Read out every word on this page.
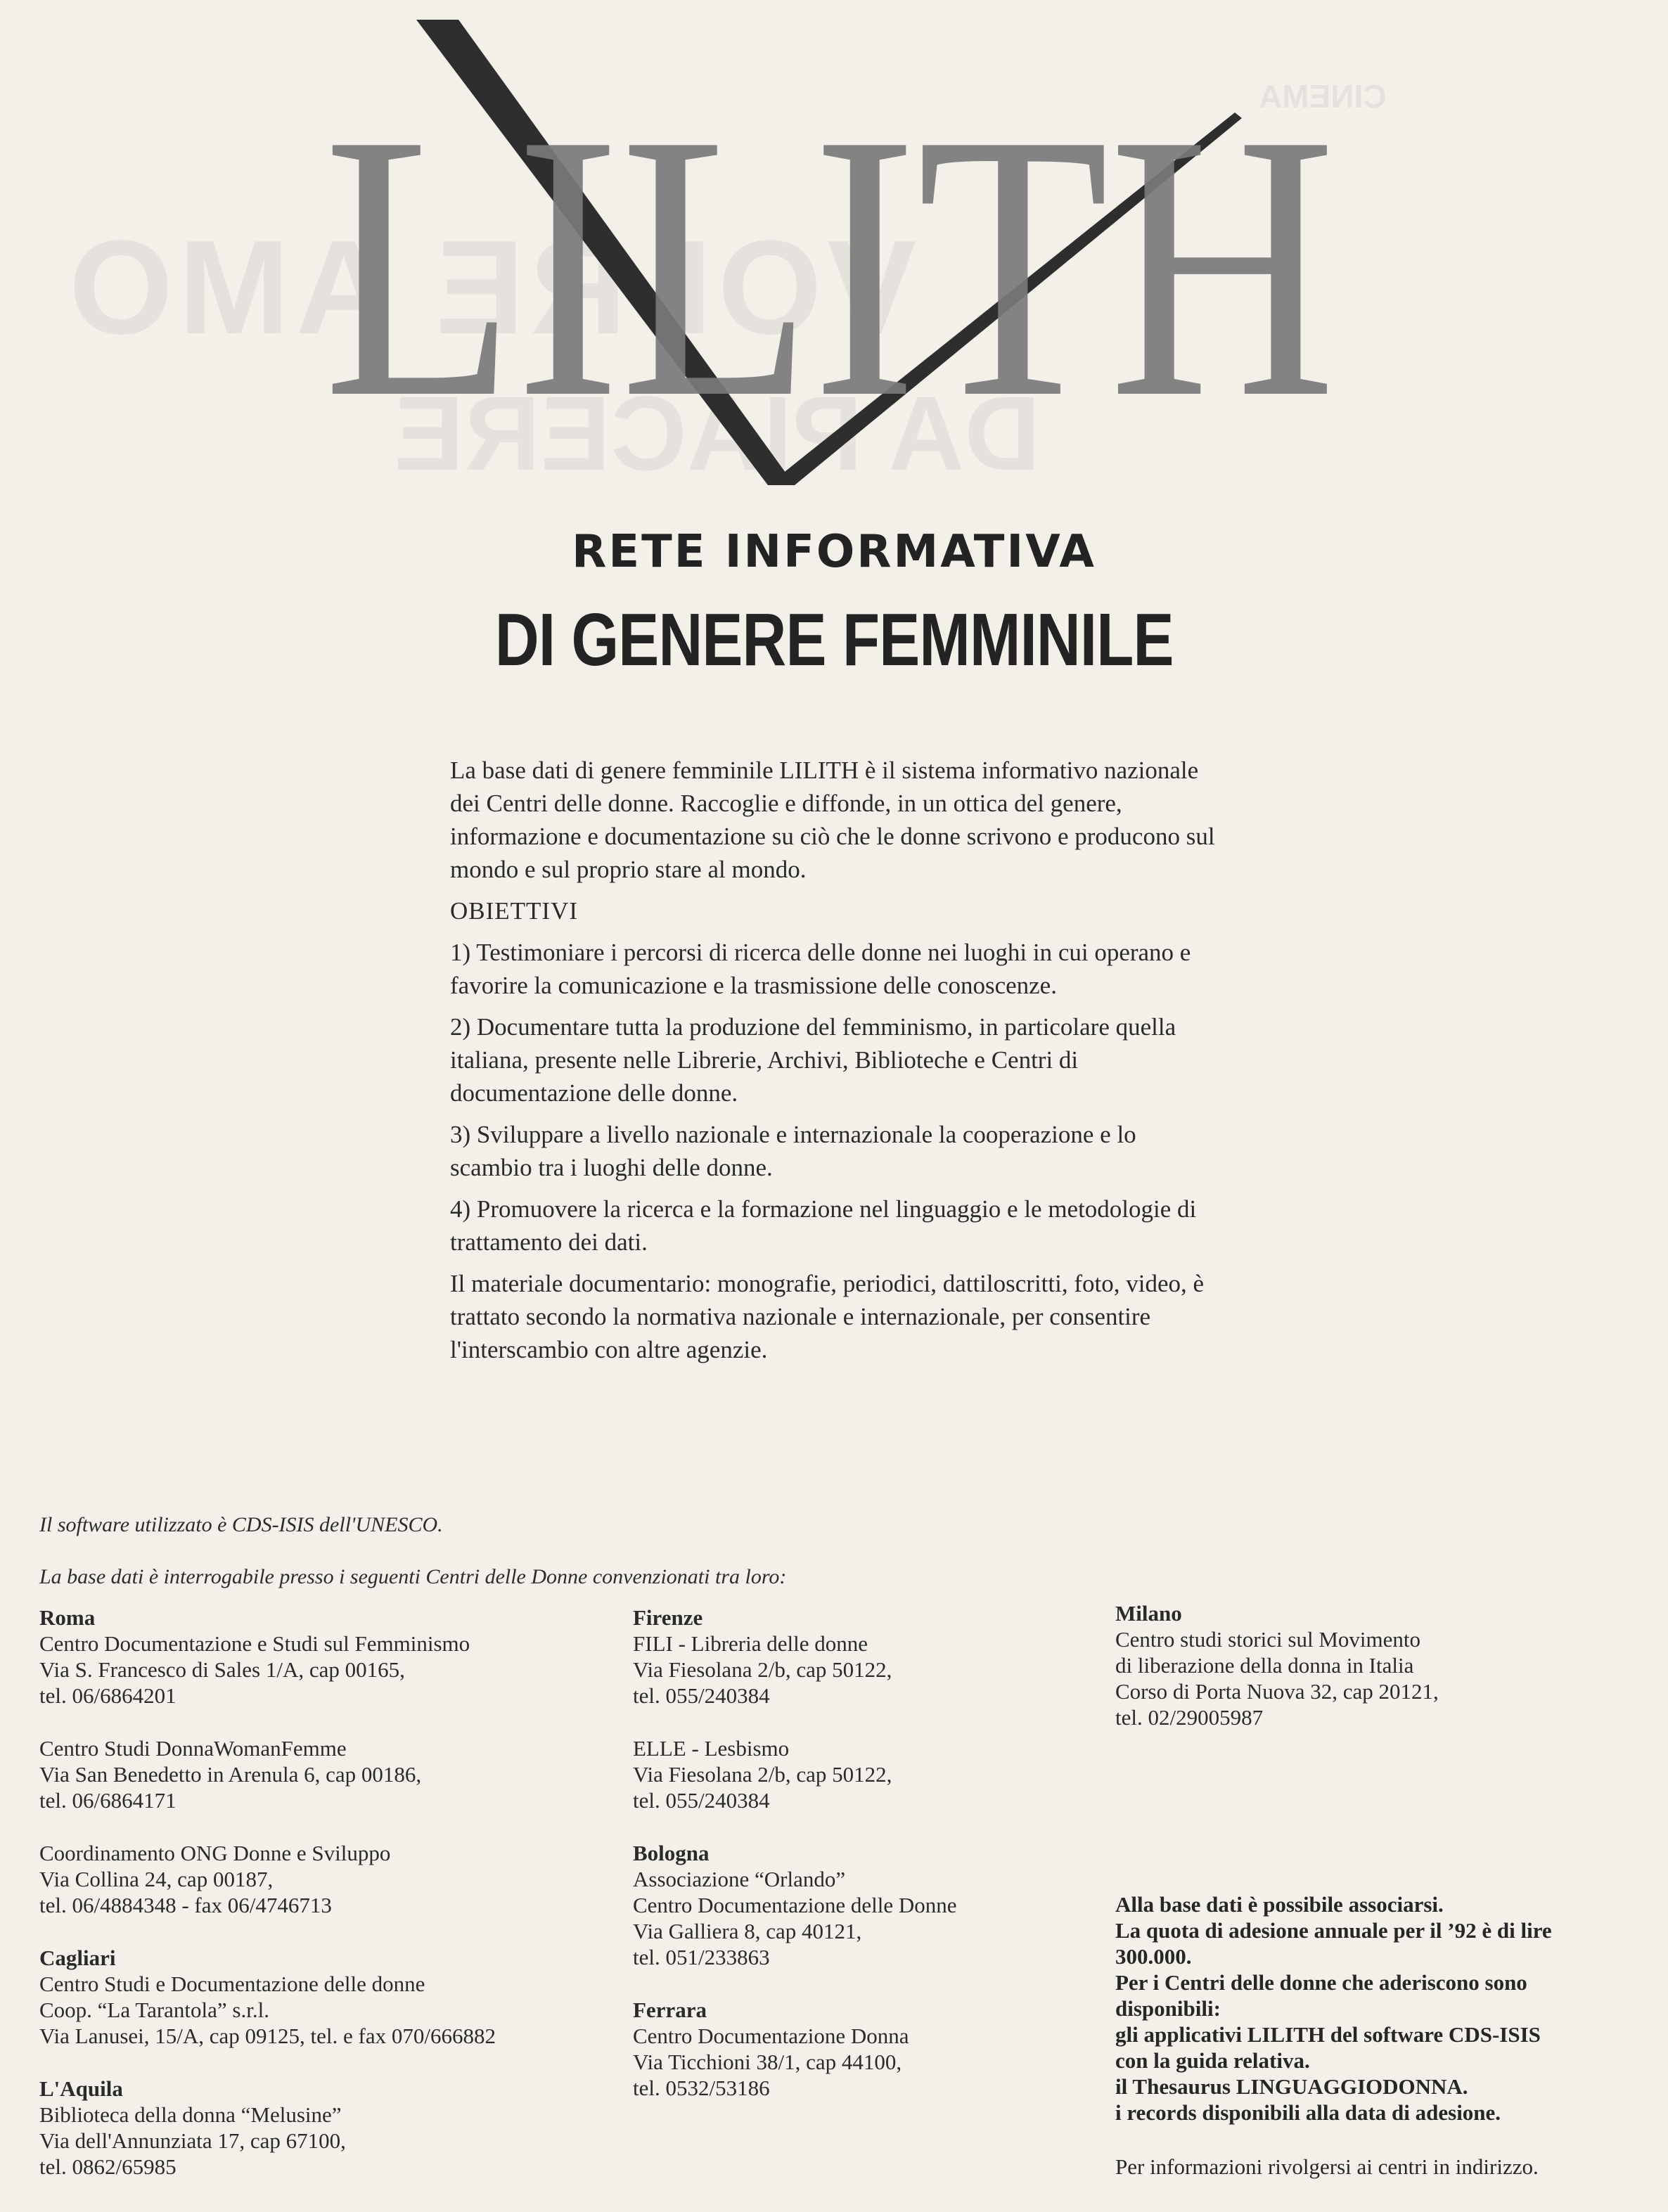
VOI RE AMO
DA PIACERE
CINEMA
LILITH
RETE INFORMATIVA
DI GENERE FEMMINILE

La base dati di genere femminile LILITH è il sistema informativo nazionale dei Centri delle donne. Raccoglie e diffonde, in un ottica del genere, informazione e documentazione su ciò che le donne scrivono e producono sul mondo e sul proprio stare al mondo.

OBIETTIVI

1) Testimoniare i percorsi di ricerca delle donne nei luoghi in cui operano e favorire la comunicazione e la trasmissione delle conoscenze.

2) Documentare tutta la produzione del femminismo, in particolare quella italiana, presente nelle Librerie, Archivi, Biblioteche e Centri di documentazione delle donne.

3) Sviluppare a livello nazionale e internazionale la cooperazione e lo scambio tra i luoghi delle donne.

4) Promuovere la ricerca e la formazione nel linguaggio e le metodologie di trattamento dei dati.

Il materiale documentario: monografie, periodici, dattiloscritti, foto, video, è trattato secondo la normativa nazionale e internazionale, per consentire l'interscambio con altre agenzie.

Il software utilizzato è CDS-ISIS dell'UNESCO.
La base dati è interrogabile presso i seguenti Centri delle Donne convenzionati tra loro:
Roma
Centro Documentazione e Studi sul Femminismo
Via S. Francesco di Sales 1/A, cap 00165,
tel. 06/6864201
Centro Studi DonnaWomanFemme
Via San Benedetto in Arenula 6, cap 00186,
tel. 06/6864171
Coordinamento ONG Donne e Sviluppo
Via Collina 24, cap 00187,
tel. 06/4884348 - fax 06/4746713
Cagliari
Centro Studi e Documentazione delle donne
Coop. “La Tarantola” s.r.l.
Via Lanusei, 15/A, cap 09125, tel. e fax 070/666882
L'Aquila
Biblioteca della donna “Melusine”
Via dell'Annunziata 17, cap 67100,
tel. 0862/65985
Firenze
FILI - Libreria delle donne
Via Fiesolana 2/b, cap 50122,
tel. 055/240384
ELLE - Lesbismo
Via Fiesolana 2/b, cap 50122,
tel. 055/240384
Bologna
Associazione “Orlando”
Centro Documentazione delle Donne
Via Galliera 8, cap 40121,
tel. 051/233863
Ferrara
Centro Documentazione Donna
Via Ticchioni 38/1, cap 44100,
tel. 0532/53186
Milano
Centro studi storici sul Movimento
di liberazione della donna in Italia
Corso di Porta Nuova 32, cap 20121,
tel. 02/29005987
Alla base dati è possibile associarsi.
La quota di adesione annuale per il ’92 è di lire
300.000.
Per i Centri delle donne che aderiscono sono
disponibili:
gli applicativi LILITH del software CDS-ISIS
con la guida relativa.
il Thesaurus LINGUAGGIODONNA.
i records disponibili alla data di adesione.
Per informazioni rivolgersi ai centri in indirizzo.
